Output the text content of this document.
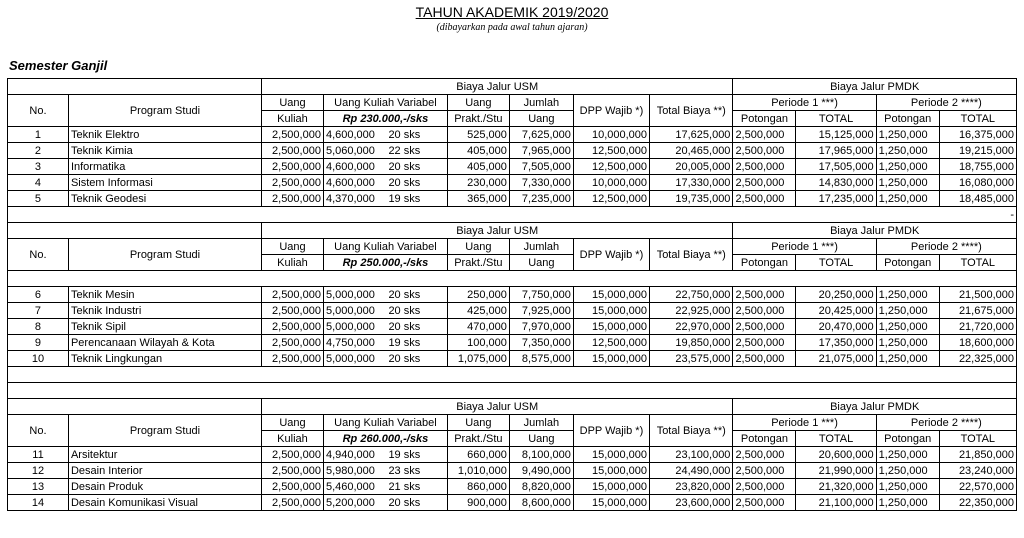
TAHUN AKADEMIK 2019/2020
(dibayarkan pada awal tahun ajaran)
Semester Ganjil
		Biaya Jalur USM							Biaya Jalur PMDK			
No.	Program Studi	Uang	Uang Kuliah Variabel		Uang	Jumlah	DPP Wajib *)	Total Biaya **)	Periode 1 ***)		Periode 2 ****)	
		Kuliah	Rp 230.000,-/sks		Prakt./Stu	Uang			Potongan	TOTAL	Potongan	TOTAL
1	Teknik Elektro	2,500,000	4,600,000	20 sks	525,000	7,625,000	10,000,000	17,625,000	2,500,000	15,125,000	1,250,000	16,375,000
2	Teknik Kimia	2,500,000	5,060,000	22 sks	405,000	7,965,000	12,500,000	20,465,000	2,500,000	17,965,000	1,250,000	19,215,000
3	Informatika	2,500,000	4,600,000	20 sks	405,000	7,505,000	12,500,000	20,005,000	2,500,000	17,505,000	1,250,000	18,755,000
4	Sistem Informasi	2,500,000	4,600,000	20 sks	230,000	7,330,000	10,000,000	17,330,000	2,500,000	14,830,000	1,250,000	16,080,000
5	Teknik Geodesi	2,500,000	4,370,000	19 sks	365,000	7,235,000	12,500,000	19,735,000	2,500,000	17,235,000	1,250,000	18,485,000
-												
		Biaya Jalur USM							Biaya Jalur PMDK			
No.	Program Studi	Uang	Uang Kuliah Variabel		Uang	Jumlah	DPP Wajib *)	Total Biaya **)	Periode 1 ***)		Periode 2 ****)	
		Kuliah	Rp 250.000,-/sks		Prakt./Stu	Uang			Potongan	TOTAL	Potongan	TOTAL

6	Teknik Mesin	2,500,000	5,000,000	20 sks	250,000	7,750,000	15,000,000	22,750,000	2,500,000	20,250,000	1,250,000	21,500,000
7	Teknik Industri	2,500,000	5,000,000	20 sks	425,000	7,925,000	15,000,000	22,925,000	2,500,000	20,425,000	1,250,000	21,675,000
8	Teknik Sipil	2,500,000	5,000,000	20 sks	470,000	7,970,000	15,000,000	22,970,000	2,500,000	20,470,000	1,250,000	21,720,000
9	Perencanaan Wilayah & Kota	2,500,000	4,750,000	19 sks	100,000	7,350,000	12,500,000	19,850,000	2,500,000	17,350,000	1,250,000	18,600,000
10	Teknik Lingkungan	2,500,000	5,000,000	20 sks	1,075,000	8,575,000	15,000,000	23,575,000	2,500,000	21,075,000	1,250,000	22,325,000

		Biaya Jalur USM							Biaya Jalur PMDK			
No.	Program Studi	Uang	Uang Kuliah Variabel		Uang	Jumlah	DPP Wajib *)	Total Biaya **)	Periode 1 ***)		Periode 2 ****)	
		Kuliah	Rp 260.000,-/sks		Prakt./Stu	Uang			Potongan	TOTAL	Potongan	TOTAL
11	Arsitektur	2,500,000	4,940,000	19 sks	660,000	8,100,000	15,000,000	23,100,000	2,500,000	20,600,000	1,250,000	21,850,000
12	Desain Interior	2,500,000	5,980,000	23 sks	1,010,000	9,490,000	15,000,000	24,490,000	2,500,000	21,990,000	1,250,000	23,240,000
13	Desain Produk	2,500,000	5,460,000	21 sks	860,000	8,820,000	15,000,000	23,820,000	2,500,000	21,320,000	1,250,000	22,570,000
14	Desain Komunikasi Visual	2,500,000	5,200,000	20 sks	900,000	8,600,000	15,000,000	23,600,000	2,500,000	21,100,000	1,250,000	22,350,000
